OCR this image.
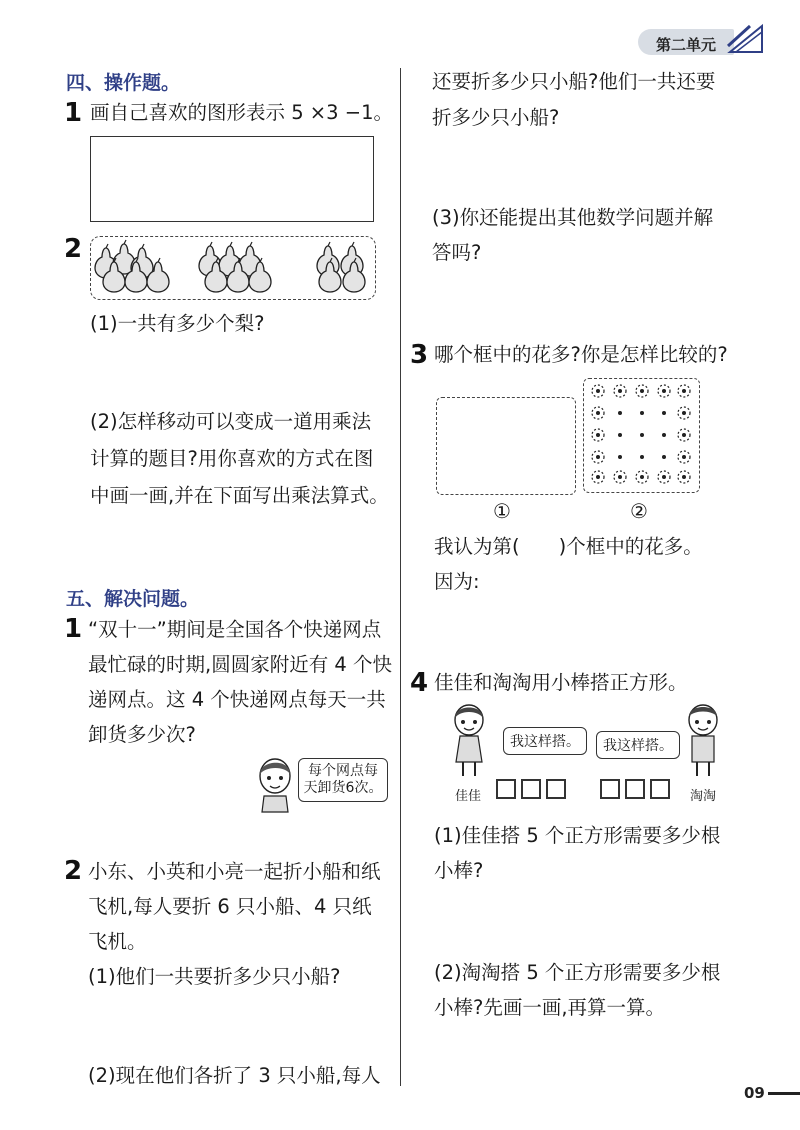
第二单元
四、操作题。
1 画自己喜欢的图形表示 5 ×3 −1。
2
(1)一共有多少个梨?
(2)怎样移动可以变成一道用乘法
计算的题目?用你喜欢的方式在图
中画一画,并在下面写出乘法算式。
五、解决问题。
1 “双十一”期间是全国各个快递网点
最忙碌的时期,圆圆家附近有 4 个快
递网点。这 4 个快递网点每天一共
卸货多少次?
每个网点每
天卸货6次。
2 小东、小英和小亮一起折小船和纸
飞机,每人要折 6 只小船、4 只纸
飞机。
(1)他们一共要折多少只小船?
(2)现在他们各折了 3 只小船,每人
还要折多少只小船?他们一共还要
折多少只小船?
(3)你还能提出其他数学问题并解
答吗?
3 哪个框中的花多?你是怎样比较的?
①	②
我认为第(　　)个框中的花多。
因为:
4 佳佳和淘淘用小棒搭正方形。
我这样搭。	我这样搭。
佳佳	淘淘
(1)佳佳搭 5 个正方形需要多少根
小棒?
(2)淘淘搭 5 个正方形需要多少根
小棒?先画一画,再算一算。
09
